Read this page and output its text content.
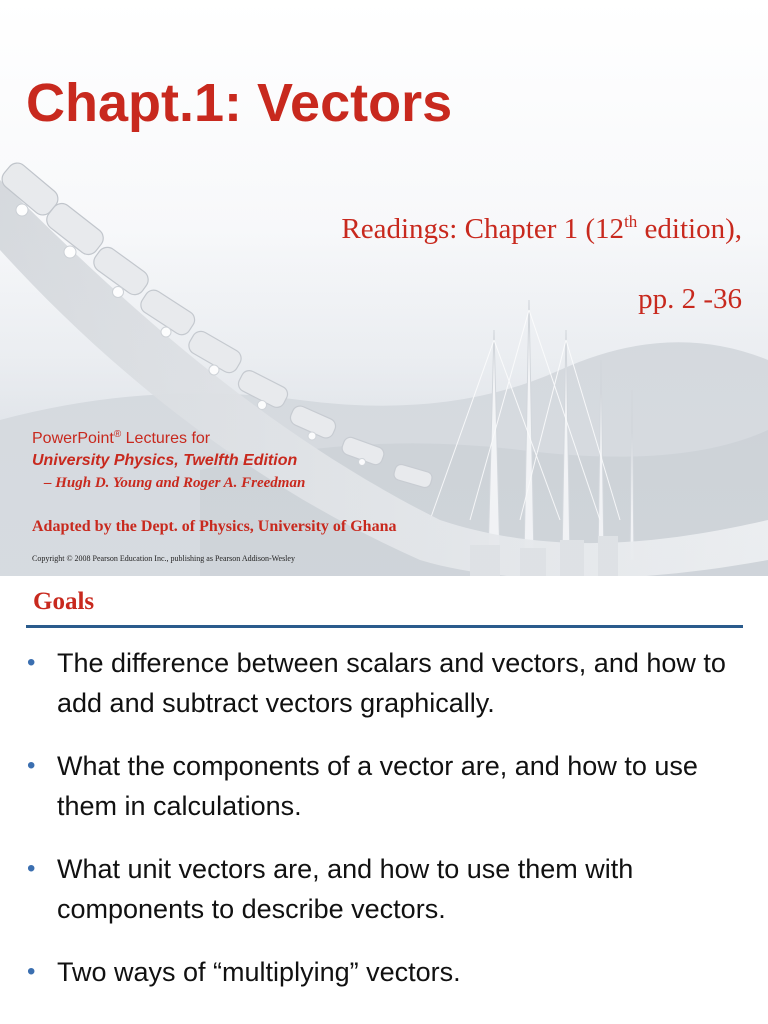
Chapt.1: Vectors

Readings: Chapter 1 (12th edition),

pp. 2 -36

PowerPoint® Lectures for

University Physics, Twelfth Edition

– Hugh D. Young and Roger A. Freedman

Adapted by the Dept. of Physics, University of Ghana

Copyright © 2008 Pearson Education Inc., publishing as Pearson Addison-Wesley

Goals
• The difference between scalars and vectors, and how to add and subtract vectors graphically.
• What the components of a vector are, and how to use them in calculations.
• What unit vectors are, and how to use them with components to describe vectors.
• Two ways of “multiplying” vectors.
